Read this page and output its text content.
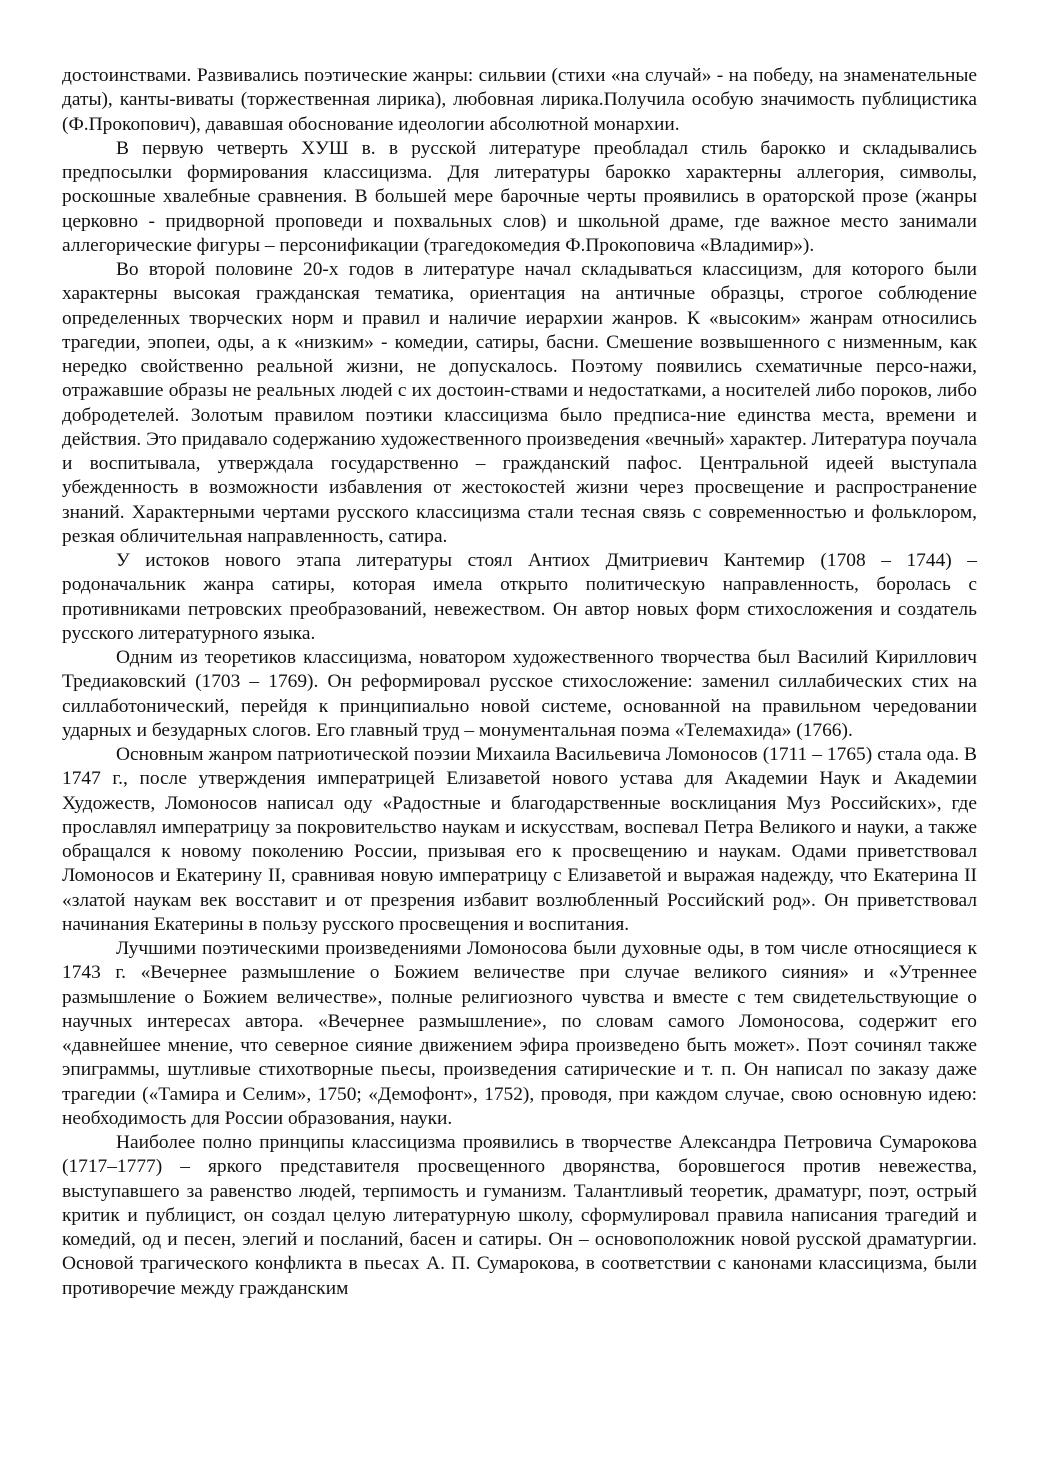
достоинствами. Развивались поэтические жанры: сильвии (стихи «на случай» - на победу, на знаменательные даты), канты-виваты (торжественная лирика), любовная лирика.Получила особую значимость публицистика (Ф.Прокопович), дававшая обоснование идеологии абсолютной монархии.

В первую четверть ХУШ в. в русской литературе преобладал стиль барокко и складывались предпосылки формирования классицизма. Для литературы барокко характерны аллегория, символы, роскошные хвалебные сравнения. В большей мере барочные черты проявились в ораторской прозе (жанры церковно - придворной проповеди и похвальных слов) и школьной драме, где важное место занимали аллегорические фигуры – персонификации (трагедокомедия Ф.Прокоповича «Владимир»).

Во второй половине 20-х годов в литературе начал складываться классицизм, для которого были характерны высокая гражданская тематика, ориентация на античные образцы, строгое соблюдение определенных творческих норм и правил и наличие иерархии жанров. К «высоким» жанрам относились трагедии, эпопеи, оды, а к «низким» - комедии, сатиры, басни. Смешение возвышенного с низменным, как нередко свойственно реальной жизни, не допускалось. Поэтому появились схематичные персо-нажи, отражавшие образы не реальных людей с их достоин-ствами и недостатками, а носителей либо пороков, либо добродетелей. Золотым правилом поэтики классицизма было предписа-ние единства места, времени и действия. Это придавало содержанию художественного произведения «вечный» характер. Литература поучала и воспитывала, утверждала государственно – гражданский пафос. Центральной идеей выступала убежденность в возможности избавления от жестокостей жизни через просвещение и распространение знаний. Характерными чертами русского классицизма стали тесная связь с современностью и фольклором, резкая обличительная направленность, сатира.

У истоков нового этапа литературы стоял Антиох Дмитриевич Кантемир (1708 – 1744) – родоначальник жанра сатиры, которая имела открыто политическую направленность, боролась с противниками петровских преобразований, невежеством. Он автор новых форм стихосложения и создатель русского литературного языка.

Одним из теоретиков классицизма, новатором художественного творчества был Василий Кириллович Тредиаковский (1703 – 1769). Он реформировал русское стихосложение: заменил силлабических стих на силлаботонический, перейдя к принципиально новой системе, основанной на правильном чередовании ударных и безударных слогов. Его главный труд – монументальная поэма «Телемахида» (1766).

Основным жанром патриотической поэзии Михаила Васильевича Ломоносов (1711 – 1765) стала ода. В 1747 г., после утверждения императрицей Елизаветой нового устава для Академии Наук и Академии Художеств, Ломоносов написал оду «Радостные и благодарственные восклицания Муз Российских», где прославлял императрицу за покровительство наукам и искусствам, воспевал Петра Великого и науки, а также обращался к новому поколению России, призывая его к просвещению и наукам. Одами приветствовал Ломоносов и Екатерину II, сравнивая новую императрицу с Елизаветой и выражая надежду, что Екатерина II «златой наукам век восставит и от презрения избавит возлюбленный Российский род». Он приветствовал начинания Екатерины в пользу русского просвещения и воспитания.

Лучшими поэтическими произведениями Ломоносова были духовные оды, в том числе относящиеся к 1743 г. «Вечернее размышление о Божием величестве при случае великого сияния» и «Утреннее размышление о Божием величестве», полные религиозного чувства и вместе с тем свидетельствующие о научных интересах автора. «Вечернее размышление», по словам самого Ломоносова, содержит его «давнейшее мнение, что северное сияние движением эфира произведено быть может». Поэт сочинял также эпиграммы, шутливые стихотворные пьесы, произведения сатирические и т. п. Он написал по заказу даже трагедии («Тамира и Селим», 1750; «Демофонт», 1752), проводя, при каждом случае, свою основную идею: необходимость для России образования, науки.

Наиболее полно принципы классицизма проявились в творчестве Александра Петровича Сумарокова (1717–1777) – яркого представителя просвещенного дворянства, боровшегося против невежества, выступавшего за равенство людей, терпимость и гуманизм. Талантливый теоретик, драматург, поэт, острый критик и публицист, он создал целую литературную школу, сформулировал правила написания трагедий и комедий, од и песен, элегий и посланий, басен и сатиры. Он – основоположник новой русской драматургии. Основой трагического конфликта в пьесах А. П. Сумарокова, в соответствии с канонами классицизма, были противоречие между гражданским
